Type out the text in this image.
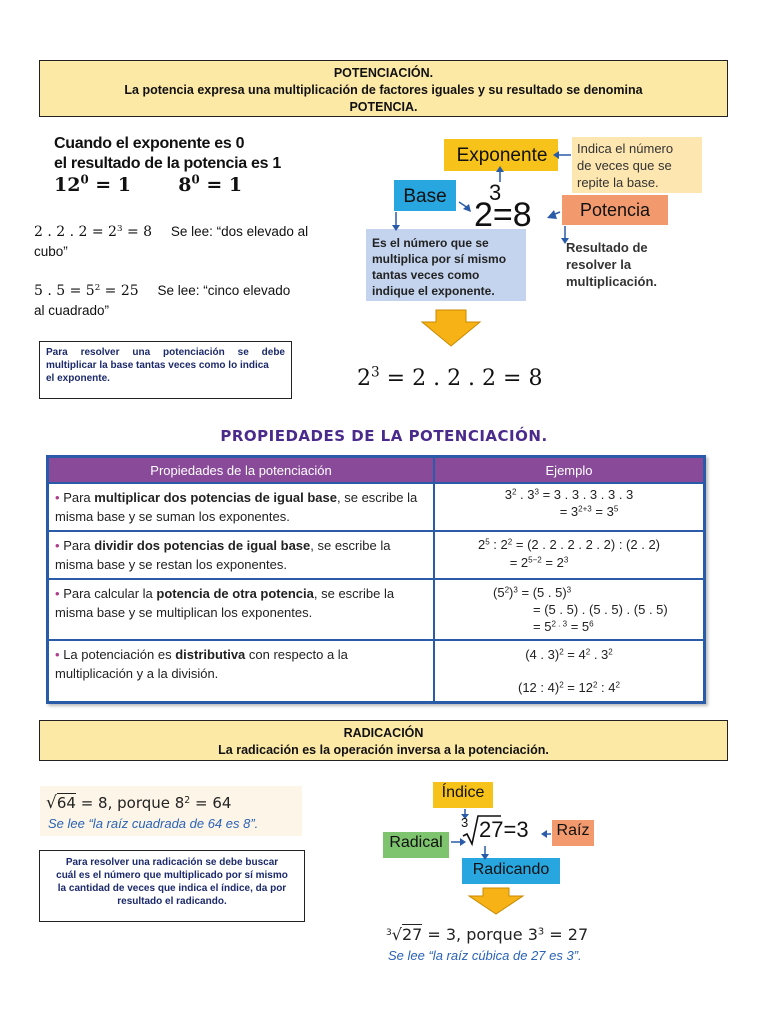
POTENCIACIÓN.
La potencia expresa una multiplicación de factores iguales y su resultado se denomina
POTENCIA.
Cuando el exponente es 0
el resultado de la potencia es 1
$12^0 = 1$ $8^0 = 1$
2 . 2 . $2 = 2^3 = 8$ Se lee: “dos elevado al
cubo”
5 . $5 = 5^2 = 25$ Se lee: “cinco elevado
al cuadrado”
Para resolver una potenciación se debe
multiplicar la base tantas veces como lo indica
el exponente.
Exponente	Indica el número
de veces que se
repite la base.
Base
Potencia
3
2=8
Es el número que se
multiplica por sí mismo
tantas veces como
indique el exponente.
Resultado de
resolver la
multiplicación.
$2^3 = 2$ . 2 . 2 = 8
PROPIEDADES DE LA POTENCIACIÓN.
Propiedades de la potenciación	Ejemplo
• Para multiplicar dos potencias de igual base, se escribe la misma base y se suman los exponentes.	$3^2$ . $3^3 = 3$ . 3 . 3 . 3 . 3
= $3^{2+3} = 3^5$

• Para dividir dos potencias de igual base, se escribe la misma base y se restan los exponentes.	$2^5$ : $2^2 = (2$ . 2 . 2 . 2 . 2) : (2 . 2)
= $2^{5-2} = 2^3$

• Para calcular la potencia de otra potencia, se escribe la misma base y se multiplican los exponentes.	$(5^2)^3 = (5$ . 5)$^3$
= (5 . 5) . (5 . 5) . (5 . 5)
= $5^{2 . 3} = 5^6$

• La potenciación es distributiva con respecto a la multiplicación y a la división.	(4 . $3)^2 = 4^2$ . $3^2$
(12 : $4)^2 = 12^2$ : $4^2$
RADICACIÓN
La radicación es la operación inversa a la potenciación.
√64 = 8, porque $8^2 = 64$
Se lee “la raíz cuadrada de 64 es 8”.
Para resolver una radicación se debe buscar
cuál es el número que multiplicado por sí mismo
la cantidad de veces que indica el índice, da por
resultado el radicando.
Índice
Radical
Raíz
Radicando
3 27=3
$^3$√27 = 3, porque $3^3 = 27$
Se lee “la raíz cúbica de 27 es 3”.
